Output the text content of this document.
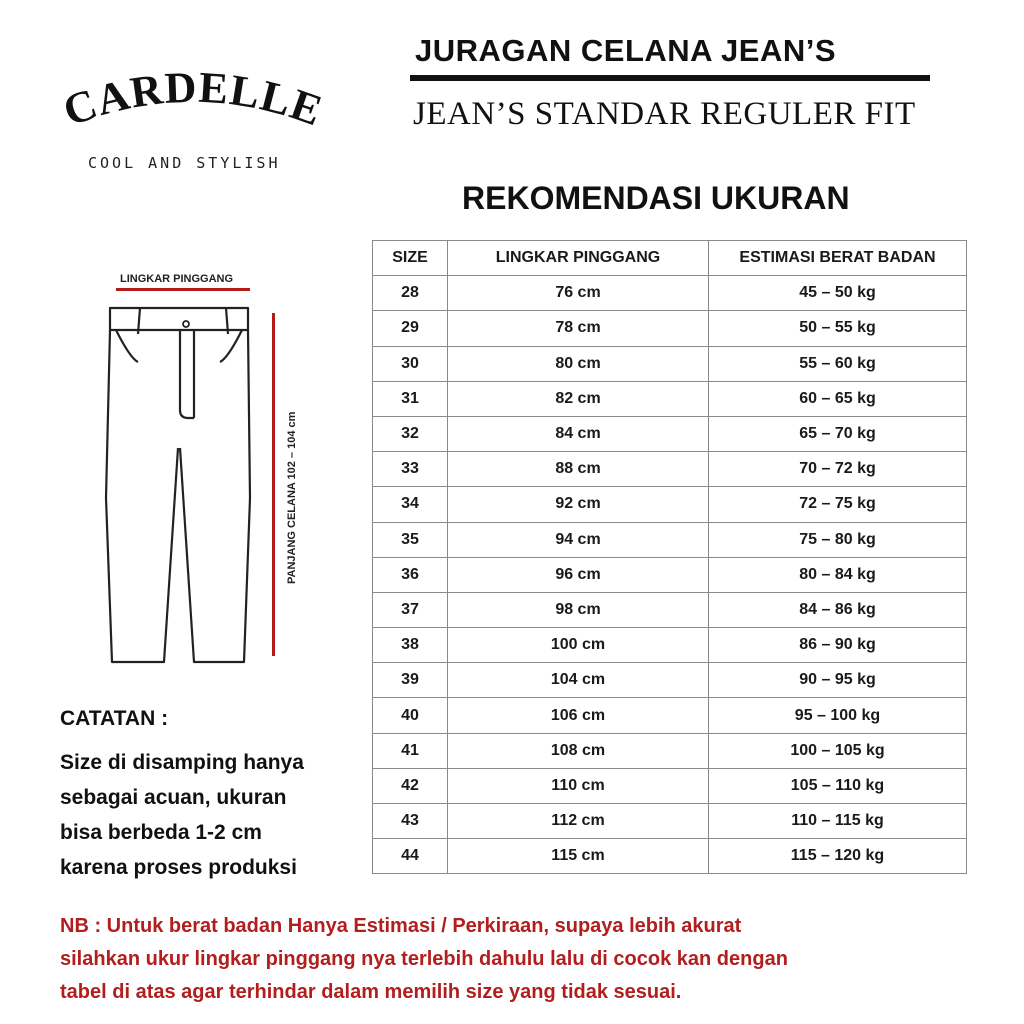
CARDELLE
COOL AND STYLISH
JURAGAN CELANA JEAN’S
JEAN’S STANDAR REGULER FIT
REKOMENDASI UKURAN
LINGKAR PINGGANG
PANJANG CELANA 102 – 104 cm
SIZE	LINGKAR PINGGANG	ESTIMASI BERAT BADAN
28	76 cm	45 – 50 kg
29	78 cm	50 – 55 kg
30	80 cm	55 – 60 kg
31	82 cm	60 – 65 kg
32	84 cm	65 – 70 kg
33	88 cm	70 – 72 kg
34	92 cm	72 – 75 kg
35	94 cm	75 – 80 kg
36	96 cm	80 – 84 kg
37	98 cm	84 – 86 kg
38	100 cm	86 – 90 kg
39	104 cm	90 – 95 kg
40	106 cm	95 – 100 kg
41	108 cm	100 – 105 kg
42	110 cm	105 – 110 kg
43	112 cm	110 – 115 kg
44	115 cm	115 – 120 kg
CATATAN :
Size di disamping hanya
sebagai acuan, ukuran
bisa berbeda 1-2 cm
karena proses produksi
NB : Untuk berat badan Hanya Estimasi / Perkiraan, supaya lebih akurat
silahkan ukur lingkar pinggang nya terlebih dahulu lalu di cocok kan dengan
tabel di atas agar terhindar dalam memilih size yang tidak sesuai.
